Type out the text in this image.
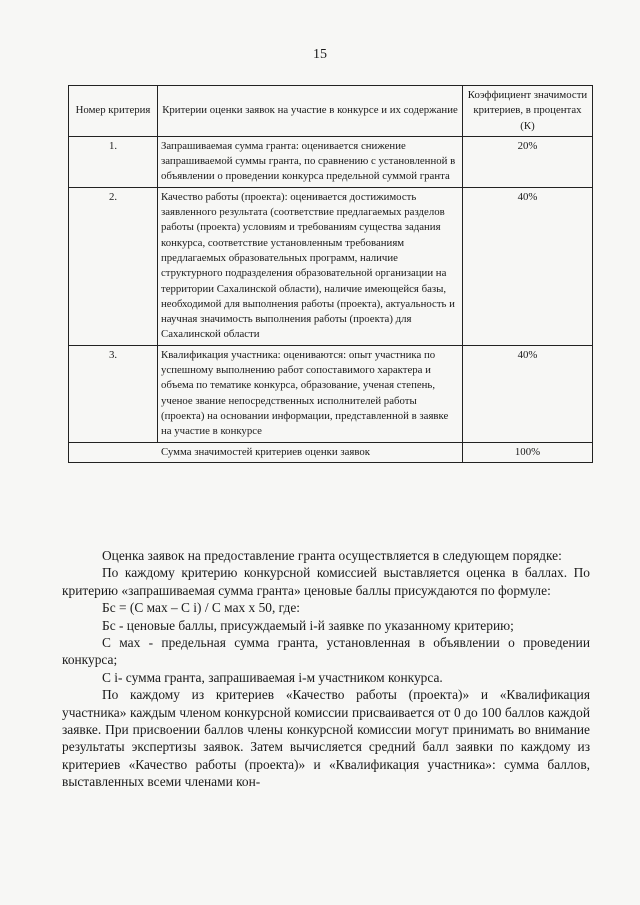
15
Номер критерия	Критерии оценки заявок на участие в конкурсе и их содержание	Коэффициент значимости критериев, в процентах (К)
1.	Запрашиваемая сумма гранта: оценивается снижение запрашиваемой суммы гранта, по сравнению с установленной в объявлении о проведении конкурса предельной суммой гранта	20%
2.	Качество работы (проекта): оценивается достижимость заявленного результата (соответствие предлагаемых разделов работы (проекта) условиям и требованиям существа задания конкурса, соответствие установленным требованиям предлагаемых образовательных программ, наличие структурного подразделения образовательной организации на территории Сахалинской области), наличие имеющейся базы, необходимой для выполнения работы (проекта), актуальность и научная значимость выполнения работы (проекта) для Сахалинской области	40%
3.	Квалификация участника: оцениваются: опыт участника по успешному выполнению работ сопоставимого характера и объема по тематике конкурса, образование, ученая степень, ученое звание непосредственных исполнителей работы (проекта) на основании информации, представленной в заявке на участие в конкурсе	40%
Сумма значимостей критериев оценки заявок		100%

Оценка заявок на предоставление гранта осуществляется в следующем порядке:

По каждому критерию конкурсной комиссией выставляется оценка в баллах. По критерию «запрашиваемая сумма гранта» ценовые баллы присуждаются по формуле:

Бс = (С мах – С i) / С мах х 50, где:

Бс - ценовые баллы, присуждаемый i-й заявке по указанному критерию;

С мах - предельная сумма гранта, установленная в объявлении о проведении конкурса;

С i- сумма гранта, запрашиваемая i-м участником конкурса.

По каждому из критериев «Качество работы (проекта)» и «Квалификация участника» каждым членом конкурсной комиссии присваивается от 0 до 100 баллов каждой заявке. При присвоении баллов члены конкурсной комиссии могут принимать во внимание результаты экспертизы заявок. Затем вычисляется средний балл заявки по каждому из критериев «Качество работы (проекта)» и «Квалификация участника»: сумма баллов, выставленных всеми членами кон-
